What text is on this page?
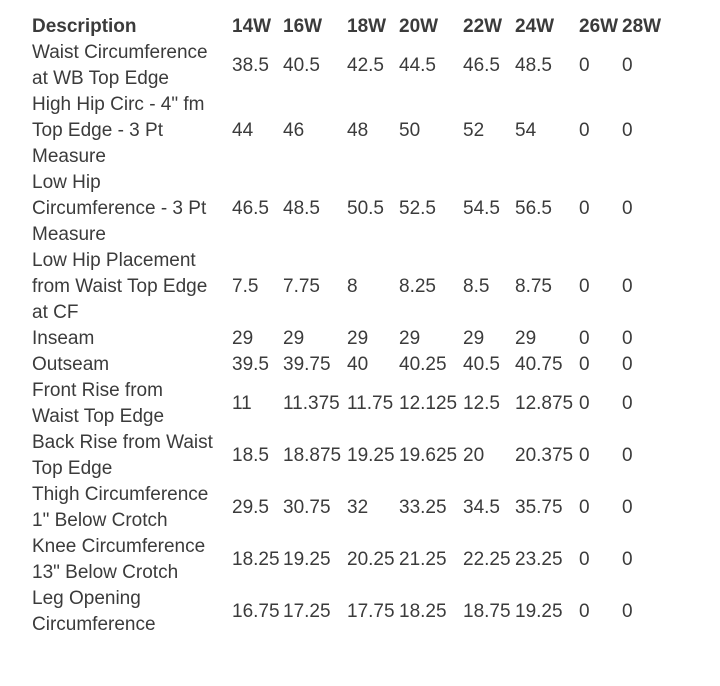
Description	14W	16W	18W	20W	22W	24W	26W	28W

Waist Circumference
at WB Top Edge	38.5	40.5	42.5	44.5	46.5	48.5	0	0

High Hip Circ - 4" fm
Top Edge - 3 Pt
Measure	44	46	48	50	52	54	0	0

Low Hip
Circumference - 3 Pt
Measure	46.5	48.5	50.5	52.5	54.5	56.5	0	0

Low Hip Placement
from Waist Top Edge
at CF	7.5	7.75	8	8.25	8.5	8.75	0	0

Inseam	29	29	29	29	29	29	0	0

Outseam	39.5	39.75	40	40.25	40.5	40.75	0	0

Front Rise from
Waist Top Edge	11	11.375	11.75	12.125	12.5	12.875	0	0

Back Rise from Waist
Top Edge	18.5	18.875	19.25	19.625	20	20.375	0	0

Thigh Circumference
1" Below Crotch	29.5	30.75	32	33.25	34.5	35.75	0	0

Knee Circumference
13" Below Crotch	18.25	19.25	20.25	21.25	22.25	23.25	0	0

Leg Opening
Circumference	16.75	17.25	17.75	18.25	18.75	19.25	0	0
